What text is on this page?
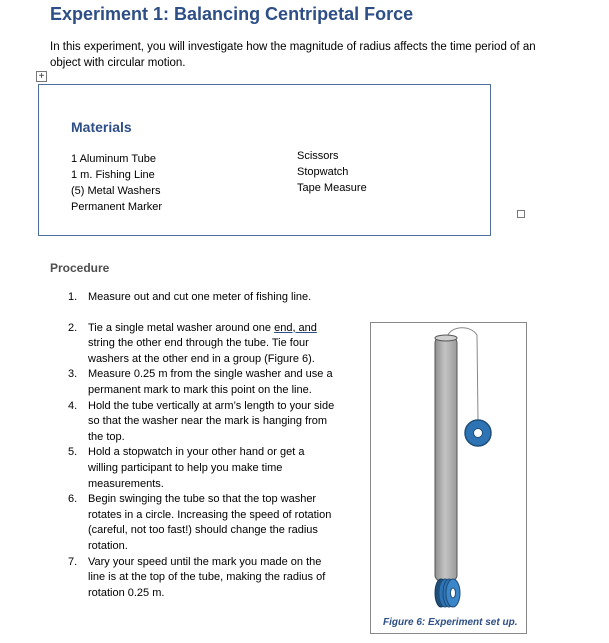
Experiment 1: Balancing Centripetal Force
In this experiment, you will investigate how the magnitude of radius affects the time period of an object with circular motion.
+
Materials
1 Aluminum Tube
1 m. Fishing Line
(5) Metal Washers
Permanent Marker
Scissors
Stopwatch
Tape Measure
Procedure
1. Measure out and cut one meter of fishing line.
2. Tie a single metal washer around one end, and string the other end through the tube. Tie four washers at the other end in a group (Figure 6).
3. Measure 0.25 m from the single washer and use a permanent mark to mark this point on the line.
4. Hold the tube vertically at arm’s length to your side so that the washer near the mark is hanging from the top.
5. Hold a stopwatch in your other hand or get a willing participant to help you make time measurements.
6. Begin swinging the tube so that the top washer rotates in a circle. Increasing the speed of rotation (careful, not too fast!) should change the radius rotation.
7. Vary your speed until the mark you made on the line is at the top of the tube, making the radius of rotation 0.25 m.
Figure 6: Experiment set up.
